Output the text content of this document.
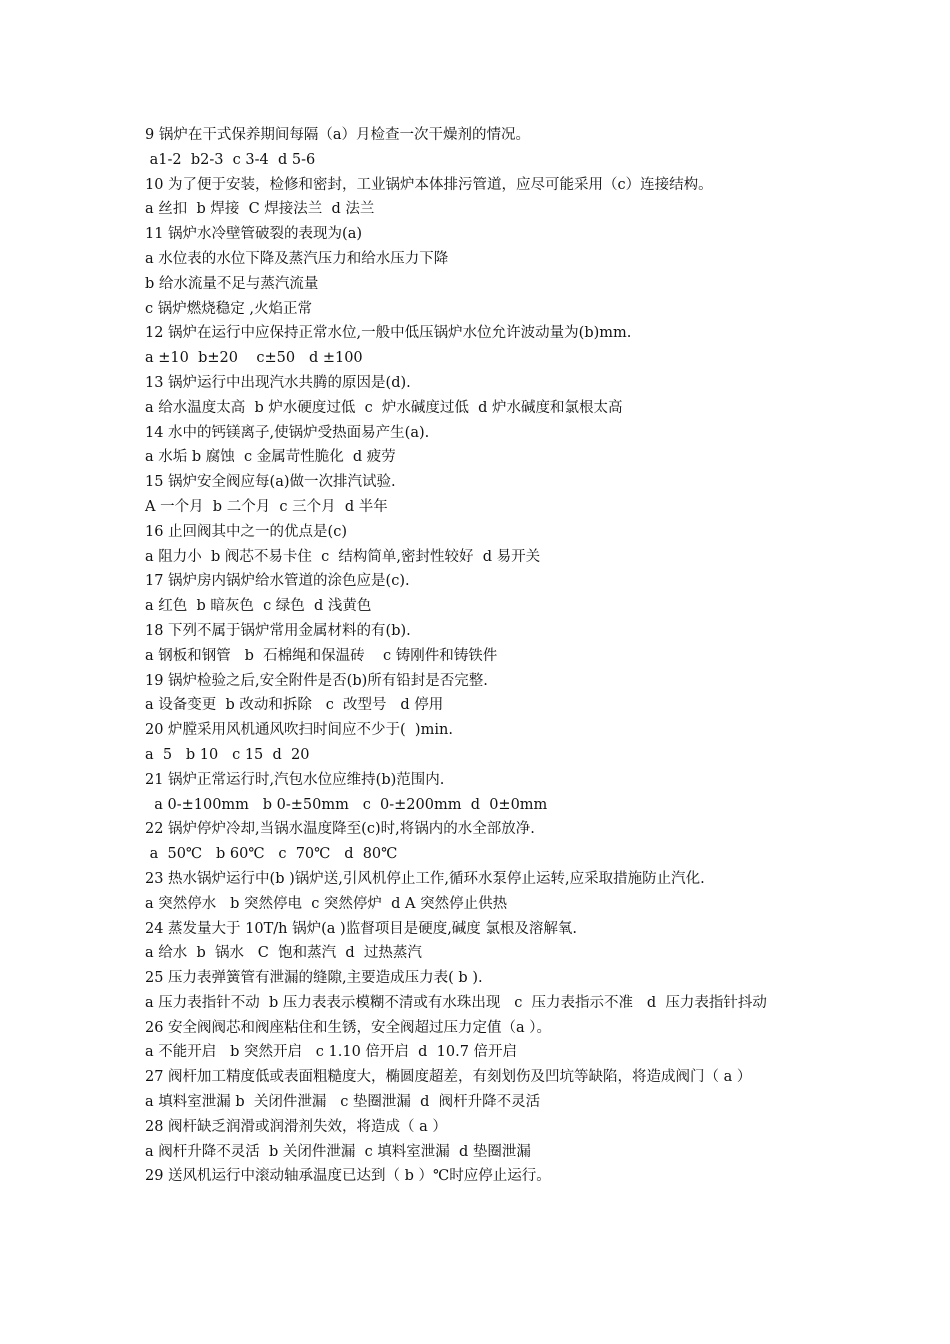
9 锅炉在干式保养期间每隔（a）月检查一次干燥剂的情况。
a1-2  b2-3  c 3-4  d 5-6
10 为了便于安装，检修和密封，工业锅炉本体排污管道，应尽可能采用（c）连接结构。
a 丝扣  b 焊接  C 焊接法兰  d 法兰
11 锅炉水冷壁管破裂的表现为(a)
a 水位表的水位下降及蒸汽压力和给水压力下降
b 给水流量不足与蒸汽流量
c 锅炉燃烧稳定 ,火焰正常
12 锅炉在运行中应保持正常水位,一般中低压锅炉水位允许波动量为(b)mm.
a ±10  b±20    c±50   d ±100
13 锅炉运行中出现汽水共腾的原因是(d).
a 给水温度太高  b 炉水硬度过低  c  炉水碱度过低  d 炉水碱度和氯根太高
14 水中的钙镁离子,使锅炉受热面易产生(a).
a 水垢 b 腐蚀  c 金属苛性脆化  d 疲劳
15 锅炉安全阀应每(a)做一次排汽试验.
A 一个月  b 二个月  c 三个月  d 半年
16 止回阀其中之一的优点是(c)
a 阻力小  b 阀芯不易卡住  c  结构简单,密封性较好  d 易开关
17 锅炉房内锅炉给水管道的涂色应是(c).
a 红色  b 暗灰色  c 绿色  d 浅黄色
18 下列不属于锅炉常用金属材料的有(b).
a 钢板和钢管   b  石棉绳和保温砖    c 铸刚件和铸铁件
19 锅炉检验之后,安全附件是否(b)所有铅封是否完整.
a 设备变更  b 改动和拆除   c  改型号   d 停用
20 炉膛采用风机通风吹扫时间应不少于(  )min.
a  5   b 10   c 15  d  20
21 锅炉正常运行时,汽包水位应维持(b)范围内.
a 0-±100mm   b 0-±50mm   c  0-±200mm  d  0±0mm
22 锅炉停炉冷却,当锅水温度降至(c)时,将锅内的水全部放净.
a  50℃   b 60℃   c  70℃   d  80℃
23 热水锅炉运行中(b )锅炉送,引风机停止工作,循环水泵停止运转,应采取措施防止汽化.
a 突然停水   b 突然停电  c 突然停炉  d A 突然停止供热
24 蒸发量大于 10T/h 锅炉(a )监督项目是硬度,碱度 氯根及溶解氧.
a 给水  b  锅水   C  饱和蒸汽  d  过热蒸汽
25 压力表弹簧管有泄漏的缝隙,主要造成压力表( b ).
a 压力表指针不动  b 压力表表示模糊不清或有水珠出现   c  压力表指示不准   d  压力表指针抖动
26 安全阀阀芯和阀座粘住和生锈，安全阀超过压力定值（a ）。
a 不能开启   b 突然开启   c 1.10 倍开启  d  10.7 倍开启
27 阀杆加工精度低或表面粗糙度大，椭圆度超差，有刻划伤及凹坑等缺陷，将造成阀门（ a ）
a 填料室泄漏 b  关闭件泄漏   c 垫圈泄漏  d  阀杆升降不灵活
28 阀杆缺乏润滑或润滑剂失效，将造成（ a ）
a 阀杆升降不灵活  b 关闭件泄漏  c 填料室泄漏  d 垫圈泄漏
29 送风机运行中滚动轴承温度已达到（ b ）℃时应停止运行。
